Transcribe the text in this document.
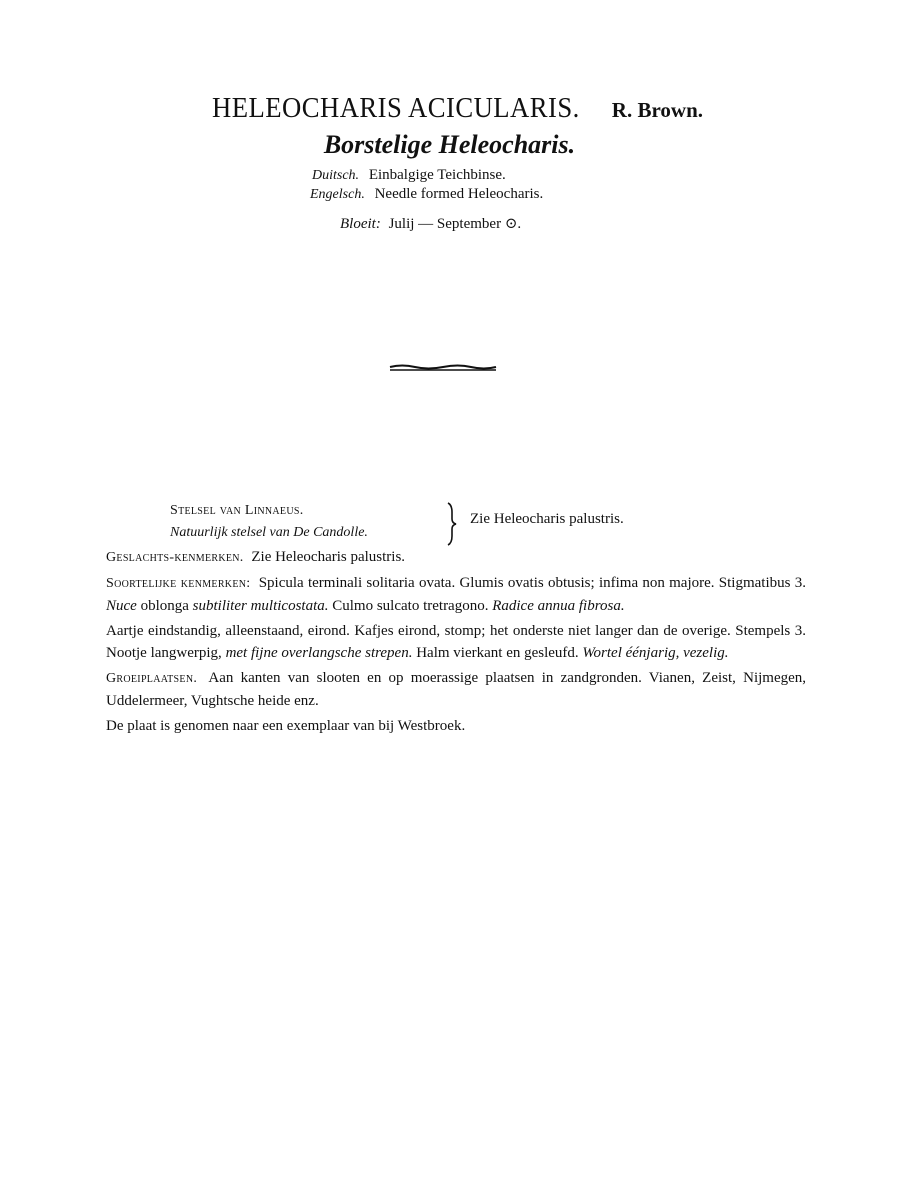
HELEOCHARIS ACICULARIS. R. Brown.
Borstelige Heleocharis.
Duitsch. Einbalgige Teichbinse.
Engelsch. Needle formed Heleocharis.
Bloeit: Julij — September ⊙.
Stelsel van Linnaeus.
Natuurlijk stelsel van De Candolle.
Zie Heleocharis palustris.

Geslachts-kenmerken. Zie Heleocharis palustris.

Soortelijke kenmerken: Spicula terminali solitaria ovata. Glumis ovatis obtusis; infima non majore. Stigmatibus 3. Nuce oblonga subtiliter multicostata. Culmo sulcato tretragono. Radice annua fibrosa.

Aartje eindstandig, alleenstaand, eirond. Kafjes eirond, stomp; het onderste niet langer dan de overige. Stempels 3. Nootje langwerpig, met fijne overlangsche strepen. Halm vierkant en gesleufd. Wortel éénjarig, vezelig.

Groeiplaatsen. Aan kanten van slooten en op moerassige plaatsen in zandgronden. Vianen, Zeist, Nijmegen, Uddelermeer, Vughtsche heide enz.

De plaat is genomen naar een exemplaar van bij Westbroek.
